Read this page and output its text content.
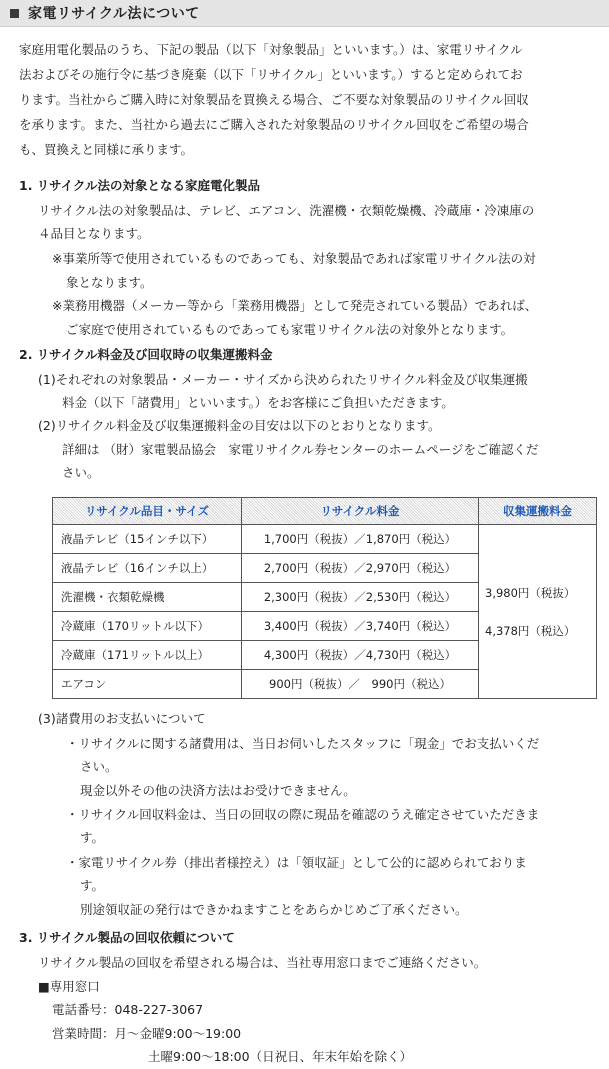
家電リサイクル法について
家庭用電化製品のうち、下記の製品（以下「対象製品」といいます。）は、家電リサイクル
法およびその施行令に基づき廃棄（以下「リサイクル」といいます。）すると定められてお
ります。当社からご購入時に対象製品を買換える場合、ご不要な対象製品のリサイクル回収
を承ります。また、当社から過去にご購入された対象製品のリサイクル回収をご希望の場合
も、買換えと同様に承ります。
1. リサイクル法の対象となる家庭電化製品
リサイクル法の対象製品は、テレビ、エアコン、洗濯機・衣類乾燥機、冷蔵庫・冷凍庫の
４品目となります。
※事業所等で使用されているものであっても、対象製品であれば家電リサイクル法の対
象となります。
※業務用機器（メーカー等から「業務用機器」として発売されている製品）であれば、
ご家庭で使用されているものであっても家電リサイクル法の対象外となります。
2. リサイクル料金及び回収時の収集運搬料金
(1)それぞれの対象製品・メーカー・サイズから決められたリサイクル料金及び収集運搬
料金（以下「諸費用」といいます。）をお客様にご負担いただきます。
(2)リサイクル料金及び収集運搬料金の目安は以下のとおりとなります。
詳細は （財）家電製品協会　家電リサイクル券センターのホームページをご確認くだ
さい。
リサイクル品目・サイズ	リサイクル料金	収集運搬料金
液晶テレビ（15インチ以下）	1,700円（税抜）／1,870円（税込）	3,980円（税抜）
4,378円（税込）

液晶テレビ（16インチ以上）	2,700円（税抜）／2,970円（税込）	
洗濯機・衣類乾燥機	2,300円（税抜）／2,530円（税込）	
冷蔵庫（170リットル以下）	3,400円（税抜）／3,740円（税込）	
冷蔵庫（171リットル以上）	4,300円（税抜）／4,730円（税込）	
エアコン	900円（税抜）／　990円（税込）	
(3)諸費用のお支払いについて
・リサイクルに関する諸費用は、当日お伺いしたスタッフに「現金」でお支払いくだ
さい。
現金以外その他の決済方法はお受けできません。
・リサイクル回収料金は、当日の回収の際に現品を確認のうえ確定させていただきま
す。
・家電リサイクル券（排出者様控え）は「領収証」として公的に認められておりま
す。
別途領収証の発行はできかねますことをあらかじめご了承ください。
3. リサイクル製品の回収依頼について
リサイクル製品の回収を希望される場合は、当社専用窓口までご連絡ください。
■専用窓口
電話番号：048-227-3067
営業時間：月～金曜9:00～19:00
土曜9:00～18:00（日祝日、年末年始を除く）
